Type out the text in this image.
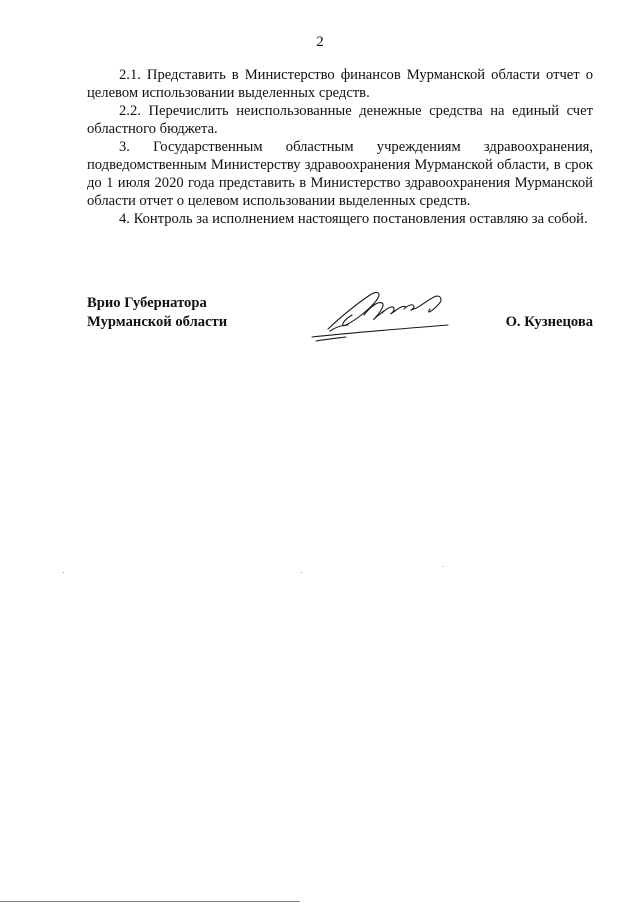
2

2.1. Представить в Министерство финансов Мурманской области отчет о целевом использовании выделенных средств.

2.2. Перечислить неиспользованные денежные средства на единый счет областного бюджета.

3. Государственным областным учреждениям здравоохранения, подведомственным Министерству здравоохранения Мурманской области, в срок до 1 июля 2020 года представить в Министерство здравоохранения Мурманской области отчет о целевом использовании выделенных средств.

4. Контроль за исполнением настоящего постановления оставляю за собой.

Врио Губернатора
Мурманской области	О. Кузнецова
